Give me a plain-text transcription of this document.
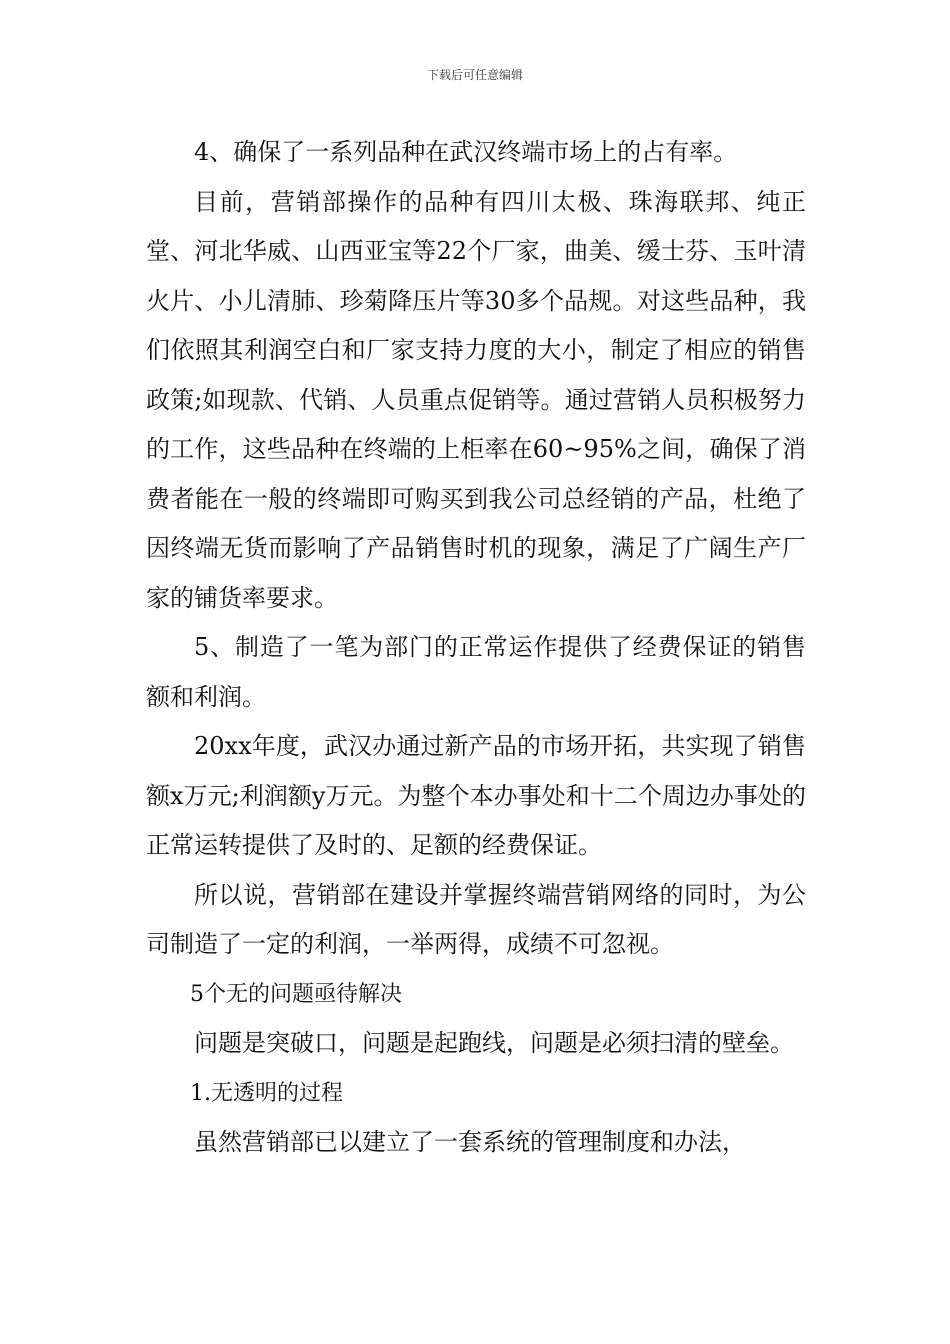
下载后可任意编辑

4、确保了一系列品种在武汉终端市场上的占有率。

目前，营销部操作的品种有四川太极、珠海联邦、纯正堂、河北华威、山西亚宝等22个厂家，曲美、缓士芬、玉叶清火片、小儿清肺、珍菊降压片等30多个品规。对这些品种，我们依照其利润空白和厂家支持力度的大小，制定了相应的销售政策;如现款、代销、人员重点促销等。通过营销人员积极努力的工作，这些品种在终端的上柜率在60~95%之间，确保了消费者能在一般的终端即可购买到我公司总经销的产品，杜绝了因终端无货而影响了产品销售时机的现象，满足了广阔生产厂家的铺货率要求。

5、制造了一笔为部门的正常运作提供了经费保证的销售额和利润。

20xx年度，武汉办通过新产品的市场开拓，共实现了销售额x万元;利润额y万元。为整个本办事处和十二个周边办事处的正常运转提供了及时的、足额的经费保证。

所以说，营销部在建设并掌握终端营销网络的同时，为公司制造了一定的利润，一举两得，成绩不可忽视。

5个无的问题亟待解决

问题是突破口，问题是起跑线，问题是必须扫清的壁垒。

1.无透明的过程

虽然营销部已以建立了一套系统的管理制度和办法，
